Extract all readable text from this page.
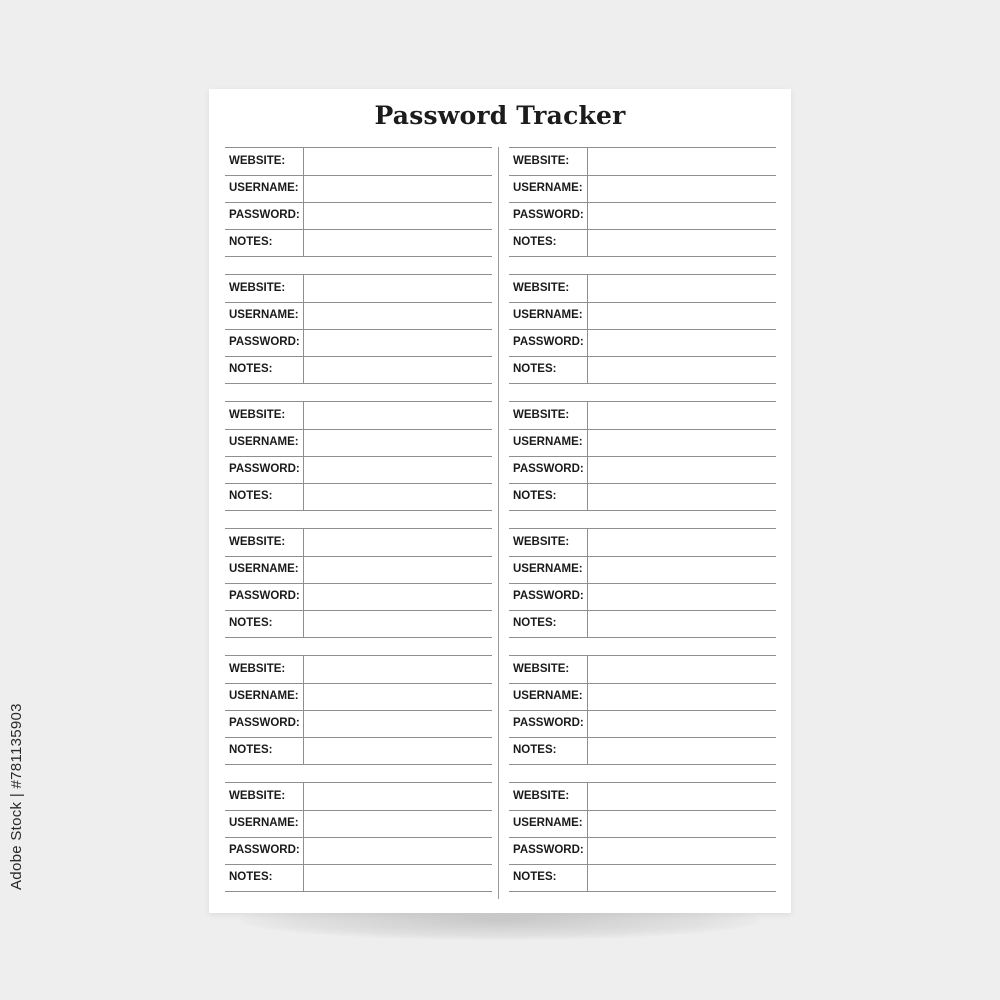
Password Tracker
WEBSITE:
USERNAME:
PASSWORD:
NOTES:
WEBSITE:
USERNAME:
PASSWORD:
NOTES:
WEBSITE:
USERNAME:
PASSWORD:
NOTES:
WEBSITE:
USERNAME:
PASSWORD:
NOTES:
WEBSITE:
USERNAME:
PASSWORD:
NOTES:
WEBSITE:
USERNAME:
PASSWORD:
NOTES:
WEBSITE:
USERNAME:
PASSWORD:
NOTES:
WEBSITE:
USERNAME:
PASSWORD:
NOTES:
WEBSITE:
USERNAME:
PASSWORD:
NOTES:
WEBSITE:
USERNAME:
PASSWORD:
NOTES:
WEBSITE:
USERNAME:
PASSWORD:
NOTES:
WEBSITE:
USERNAME:
PASSWORD:
NOTES:
Adobe Stock | #781135903
